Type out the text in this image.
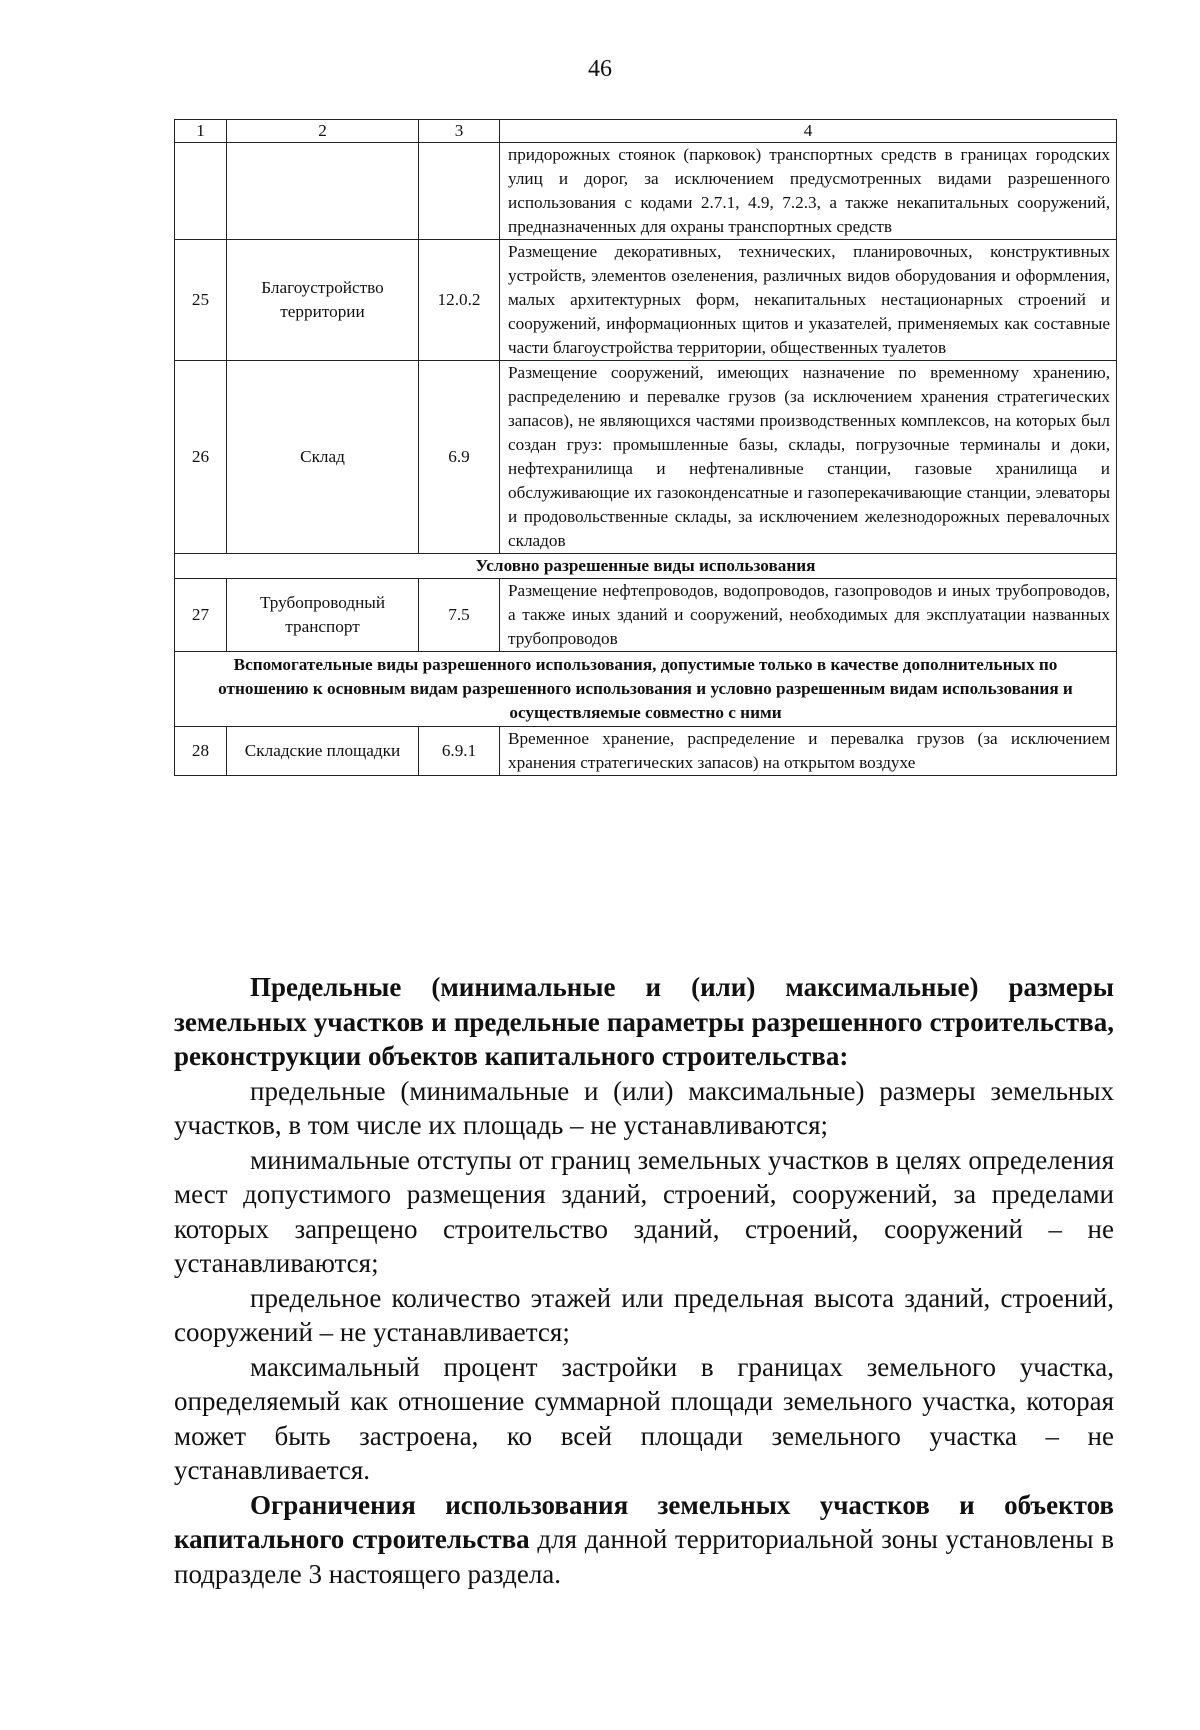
46
1	2	3	4
			придорожных стоянок (парковок) транспортных средств в границах городских улиц и дорог, за исключением предусмотренных видами разрешенного использования с кодами 2.7.1, 4.9, 7.2.3, а также некапитальных сооружений, предназначенных для охраны транспортных средств
25	Благоустройство территории	12.0.2	Размещение декоративных, технических, планировочных, конструктивных устройств, элементов озеленения, различных видов оборудования и оформления, малых архитектурных форм, некапитальных нестационарных строений и сооружений, информационных щитов и указателей, применяемых как составные части благоустройства территории, общественных туалетов
26	Склад	6.9	Размещение сооружений, имеющих назначение по временному хранению, распределению и перевалке грузов (за исключением хранения стратегических запасов), не являющихся частями производственных комплексов, на которых был создан груз: промышленные базы, склады, погрузочные терминалы и доки, нефтехранилища и нефтеналивные станции, газовые хранилища и обслуживающие их газоконденсатные и газоперекачивающие станции, элеваторы и продовольственные склады, за исключением железнодорожных перевалочных складов
Условно разрешенные виды использования			
27	Трубопроводный транспорт	7.5	Размещение нефтепроводов, водопроводов, газопроводов и иных трубопроводов, а также иных зданий и сооружений, необходимых для эксплуатации названных трубопроводов
Вспомогательные виды разрешенного использования, допустимые только в качестве дополнительных по отношению к основным видам разрешенного использования и условно разрешенным видам использования и осуществляемые совместно с ними			
28	Складские площадки	6.9.1	Временное хранение, распределение и перевалка грузов (за исключением хранения стратегических запасов) на открытом воздухе

Предельные (минимальные и (или) максимальные) размеры земельных участков и предельные параметры разрешенного строительства, реконструкции объектов капитального строительства:

предельные (минимальные и (или) максимальные) размеры земельных участков, в том числе их площадь – не устанавливаются;

минимальные отступы от границ земельных участков в целях определения мест допустимого размещения зданий, строений, сооружений, за пределами которых запрещено строительство зданий, строений, сооружений – не устанавливаются;

предельное количество этажей или предельная высота зданий, строений, сооружений – не устанавливается;

максимальный процент застройки в границах земельного участка, определяемый как отношение суммарной площади земельного участка, которая может быть застроена, ко всей площади земельного участка – не устанавливается.

Ограничения использования земельных участков и объектов капитального строительства для данной территориальной зоны установлены в подразделе 3 настоящего раздела.
